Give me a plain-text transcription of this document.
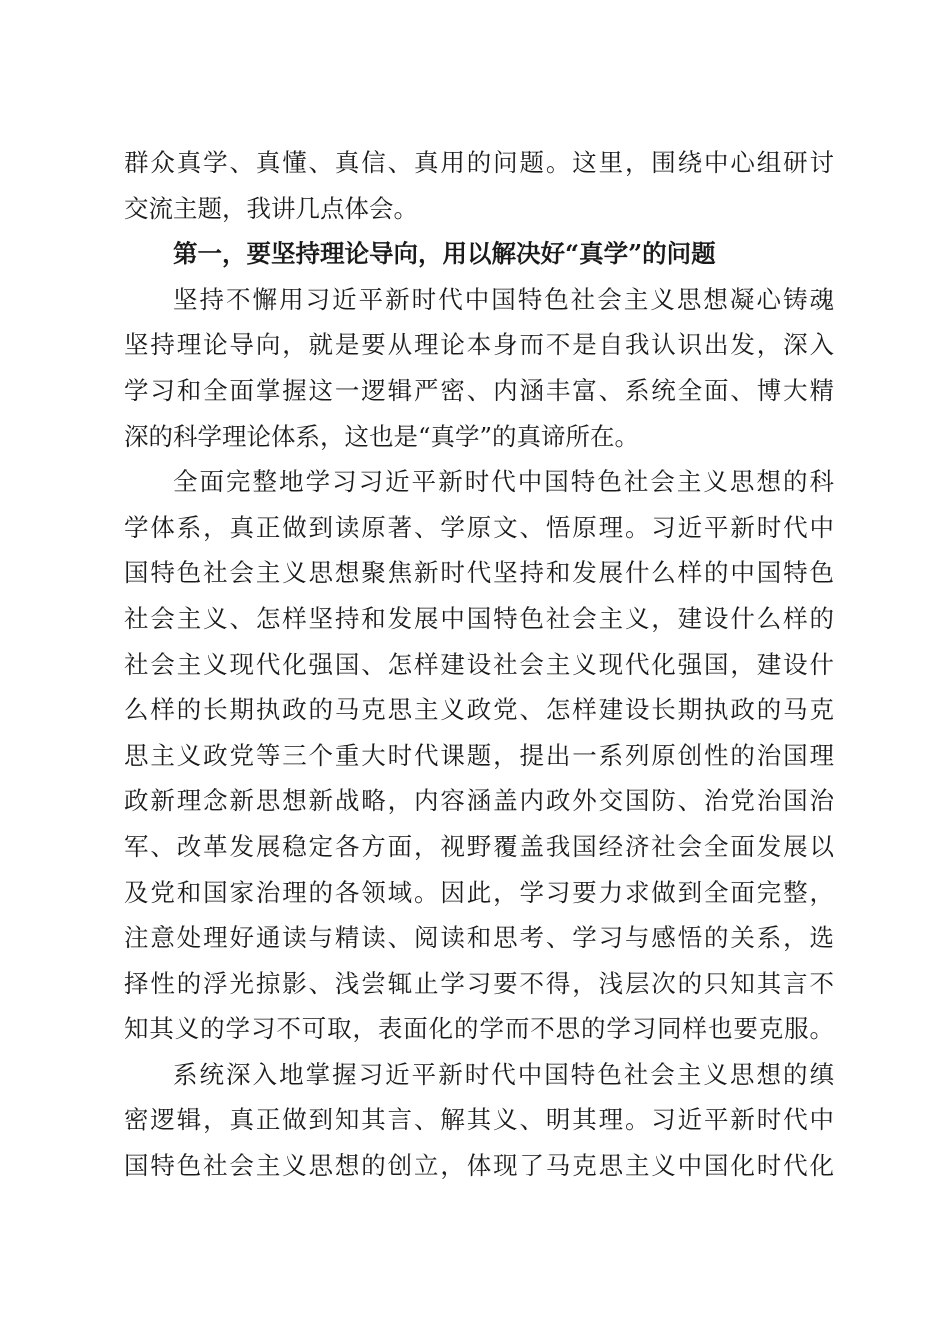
群众真学、真懂、真信、真用的问题。这里，围绕中心组研讨
交流主题，我讲几点体会。
第一，要坚持理论导向，用以解决好“真学”的问题
坚持不懈用习近平新时代中国特色社会主义思想凝心铸魂
坚持理论导向，就是要从理论本身而不是自我认识出发，深入
学习和全面掌握这一逻辑严密、内涵丰富、系统全面、博大精
深的科学理论体系，这也是“真学”的真谛所在。
全面完整地学习习近平新时代中国特色社会主义思想的科
学体系，真正做到读原著、学原文、悟原理。习近平新时代中
国特色社会主义思想聚焦新时代坚持和发展什么样的中国特色
社会主义、怎样坚持和发展中国特色社会主义，建设什么样的
社会主义现代化强国、怎样建设社会主义现代化强国，建设什
么样的长期执政的马克思主义政党、怎样建设长期执政的马克
思主义政党等三个重大时代课题，提出一系列原创性的治国理
政新理念新思想新战略，内容涵盖内政外交国防、治党治国治
军、改革发展稳定各方面，视野覆盖我国经济社会全面发展以
及党和国家治理的各领域。因此，学习要力求做到全面完整，
注意处理好通读与精读、阅读和思考、学习与感悟的关系，选
择性的浮光掠影、浅尝辄止学习要不得，浅层次的只知其言不
知其义的学习不可取，表面化的学而不思的学习同样也要克服。
系统深入地掌握习近平新时代中国特色社会主义思想的缜
密逻辑，真正做到知其言、解其义、明其理。习近平新时代中
国特色社会主义思想的创立，体现了马克思主义中国化时代化
